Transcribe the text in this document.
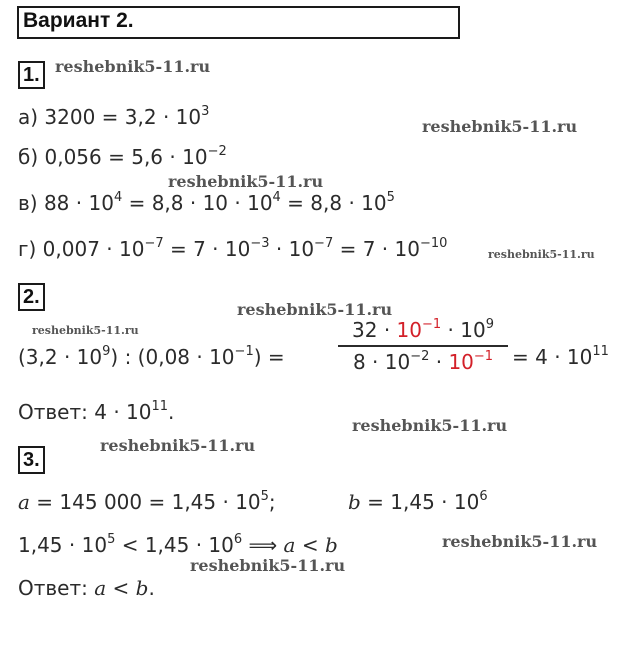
Вариант 2.
1.
а) $3200 = 3,2 \cdot 10^3$
б) $0,056 = 5,6 \cdot 10^{-2}$
в) $88 \cdot 10^4 = 8,8 \cdot 10 \cdot 10^4 = 8,8 \cdot 10^5$
г) $0,007 \cdot 10^{-7} = 7 \cdot 10^{-3} \cdot 10^{-7} = 7 \cdot 10^{-10}$
2.
$(3,2 \cdot 10^9)$ : $(0,08 \cdot 10^{-1})$ =
$32 \cdot 10^{-1} \cdot 10^9$
$8 \cdot 10^{-2} \cdot 10^{-1} = 4 \cdot 10^{11}$
Ответ: $4 \cdot 10^{11}$.
3.
a = 145 $000 = 1,45 \cdot 10^5$;	$b = 1,45 \cdot 10^6$
$1,45 \cdot 10^5 < 1,45 \cdot 10^6$ ⟹ a < b
Ответ: a < b.
reshebnik5-11.ru
reshebnik5-11.ru
reshebnik5-11.ru
reshebnik5-11.ru
reshebnik5-11.ru
reshebnik5-11.ru
reshebnik5-11.ru
reshebnik5-11.ru
reshebnik5-11.ru
reshebnik5-11.ru
